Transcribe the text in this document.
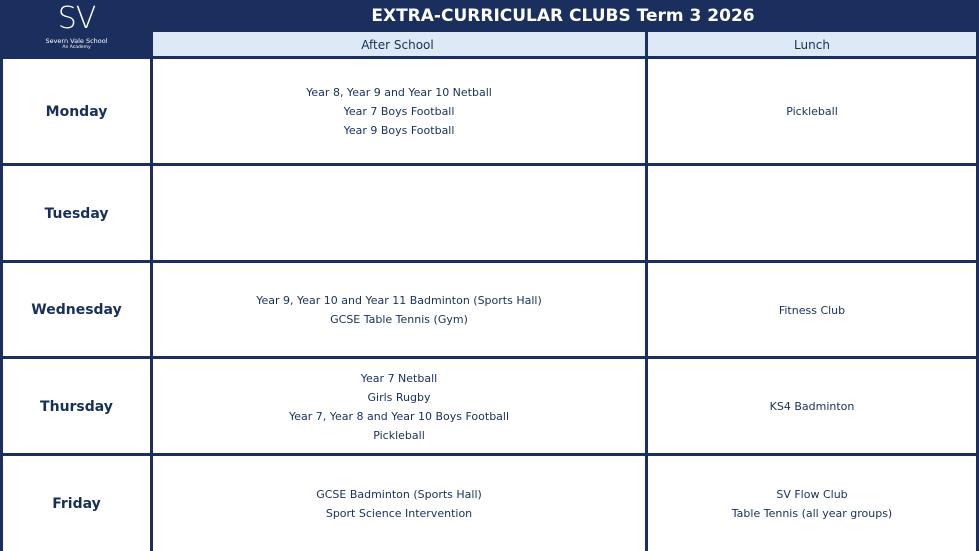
SV
Severn Vale School
An Academy
EXTRA-CURRICULAR CLUBS Term 3 2026
After School	Lunch
Monday
Year 8, Year 9 and Year 10 Netball
Year 7 Boys Football
Year 9 Boys Football
Pickleball
Tuesday
Wednesday
Year 9, Year 10 and Year 11 Badminton (Sports Hall)
GCSE Table Tennis (Gym)
Fitness Club
Thursday
Year 7 Netball
Girls Rugby
Year 7, Year 8 and Year 10 Boys Football
Pickleball
KS4 Badminton
Friday
GCSE Badminton (Sports Hall)
Sport Science Intervention
SV Flow Club
Table Tennis (all year groups)
